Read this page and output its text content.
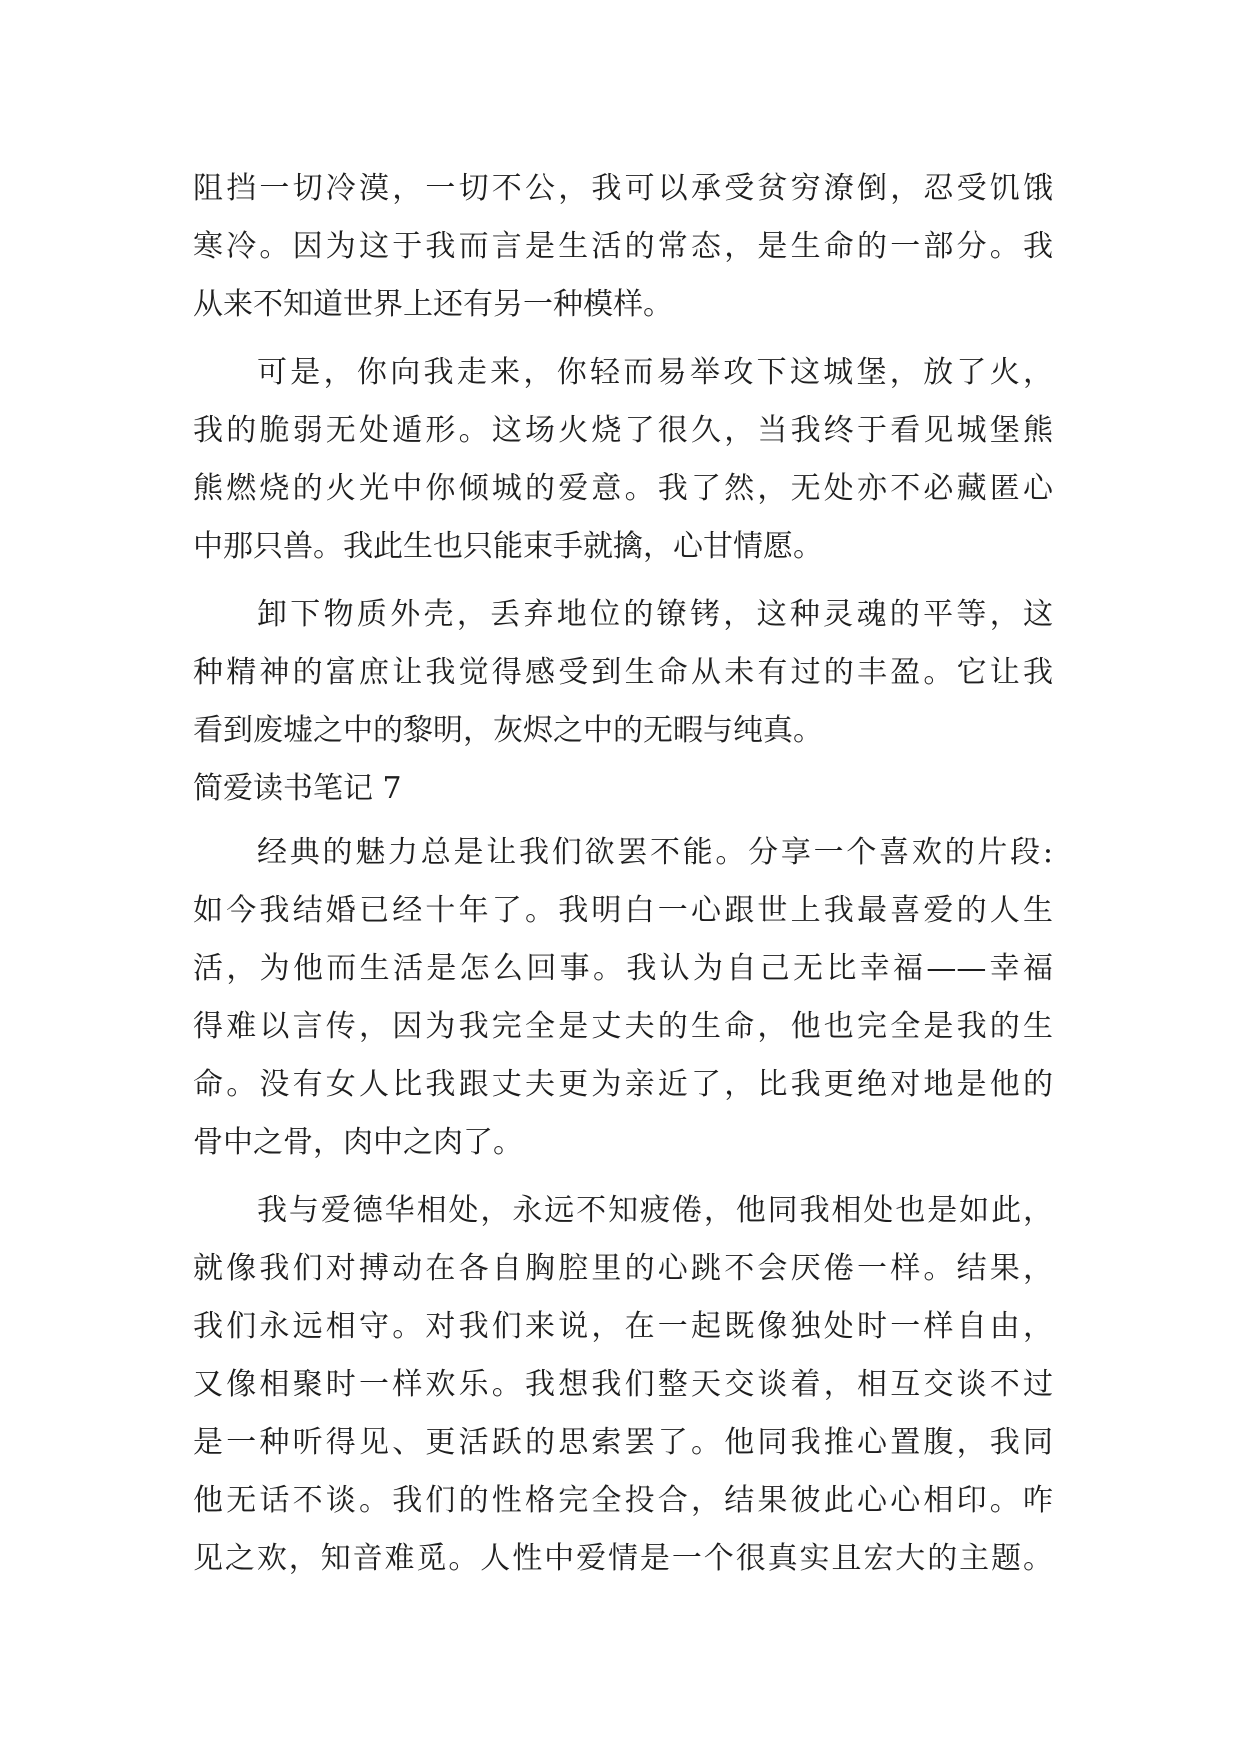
阻挡一切冷漠，一切不公，我可以承受贫穷潦倒，忍受饥饿
寒冷。因为这于我而言是生活的常态，是生命的一部分。我
从来不知道世界上还有另一种模样。
可是，你向我走来，你轻而易举攻下这城堡，放了火，
我的脆弱无处遁形。这场火烧了很久，当我终于看见城堡熊
熊燃烧的火光中你倾城的爱意。我了然，无处亦不必藏匿心
中那只兽。我此生也只能束手就擒，心甘情愿。
卸下物质外壳，丢弃地位的镣铐，这种灵魂的平等，这
种精神的富庶让我觉得感受到生命从未有过的丰盈。它让我
看到废墟之中的黎明，灰烬之中的无暇与纯真。
简爱读书笔记 7
经典的魅力总是让我们欲罢不能。分享一个喜欢的片段:
如今我结婚已经十年了。我明白一心跟世上我最喜爱的人生
活，为他而生活是怎么回事。我认为自己无比幸福——幸福
得难以言传，因为我完全是丈夫的生命，他也完全是我的生
命。没有女人比我跟丈夫更为亲近了，比我更绝对地是他的
骨中之骨，肉中之肉了。
我与爱德华相处，永远不知疲倦，他同我相处也是如此，
就像我们对搏动在各自胸腔里的心跳不会厌倦一样。结果，
我们永远相守。对我们来说，在一起既像独处时一样自由，
又像相聚时一样欢乐。我想我们整天交谈着，相互交谈不过
是一种听得见、更活跃的思索罢了。他同我推心置腹，我同
他无话不谈。我们的性格完全投合，结果彼此心心相印。咋
见之欢，知音难觅。人性中爱情是一个很真实且宏大的主题。
